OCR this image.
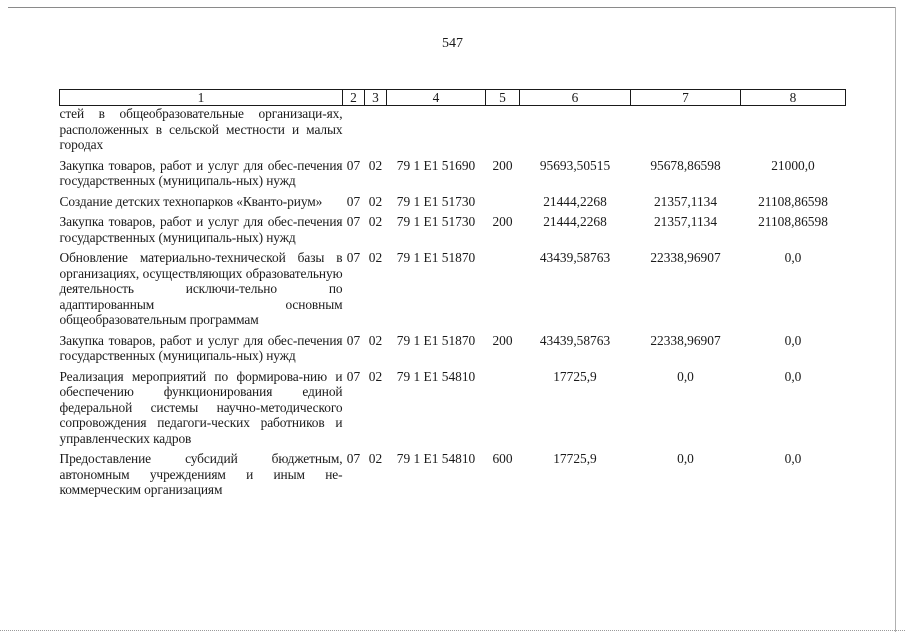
547
1	2	3	4	5	6	7	8
стей в общеобразовательные организаци-ях, расположенных в сельской местности и малых городах							
Закупка товаров, работ и услуг для обес-печения государственных (муниципаль-ных) нужд	07	02	79 1 E1 51690	200	95693,50515	95678,86598	21000,0
Создание детских технопарков «Кванто-риум»	07	02	79 1 E1 51730		21444,2268	21357,1134	21108,86598
Закупка товаров, работ и услуг для обес-печения государственных (муниципаль-ных) нужд	07	02	79 1 E1 51730	200	21444,2268	21357,1134	21108,86598
Обновление материально-технической базы в организациях, осуществляющих образовательную деятельность исключи-тельно по адаптированным основным общеобразовательным программам	07	02	79 1 E1 51870		43439,58763	22338,96907	0,0
Закупка товаров, работ и услуг для обес-печения государственных (муниципаль-ных) нужд	07	02	79 1 E1 51870	200	43439,58763	22338,96907	0,0
Реализация мероприятий по формирова-нию и обеспечению функционирования единой федеральной системы научно-методического сопровождения педагоги-ческих работников и управленческих кадров	07	02	79 1 E1 54810		17725,9	0,0	0,0
Предоставление субсидий бюджетным, автономным учреждениям и иным не-коммерческим организациям	07	02	79 1 E1 54810	600	17725,9	0,0	0,0
